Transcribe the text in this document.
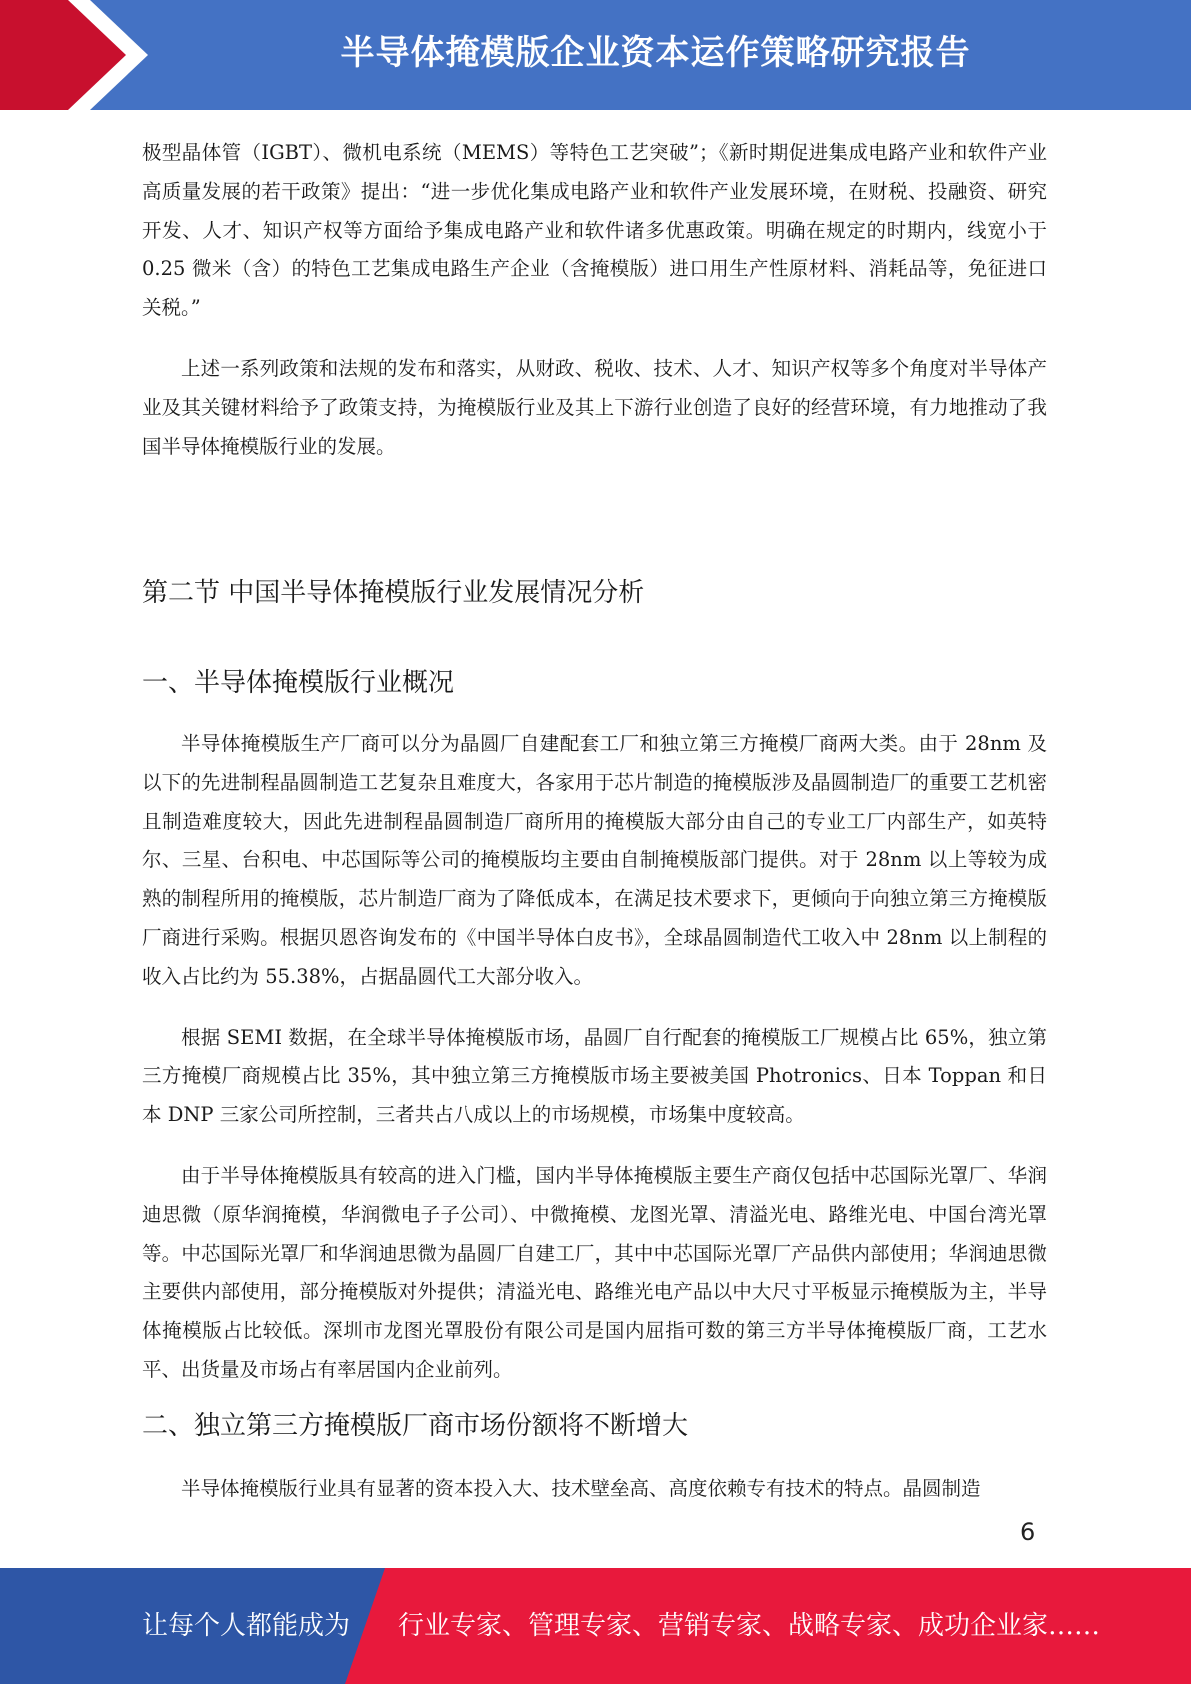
半导体掩模版企业资本运作策略研究报告

极型晶体管（IGBT）、微机电系统（MEMS）等特色工艺突破”；《新时期促进集成电路产业和软件产业高质量发展的若干政策》提出：“进一步优化集成电路产业和软件产业发展环境，在财税、投融资、研究开发、人才、知识产权等方面给予集成电路产业和软件诸多优惠政策。明确在规定的时期内，线宽小于 0.25 微米（含）的特色工艺集成电路生产企业（含掩模版）进口用生产性原材料、消耗品等，免征进口关税。”

上述一系列政策和法规的发布和落实，从财政、税收、技术、人才、知识产权等多个角度对半导体产业及其关键材料给予了政策支持，为掩模版行业及其上下游行业创造了良好的经营环境，有力地推动了我国半导体掩模版行业的发展。

第二节 中国半导体掩模版行业发展情况分析
一、半导体掩模版行业概况

半导体掩模版生产厂商可以分为晶圆厂自建配套工厂和独立第三方掩模厂商两大类。由于 28nm 及以下的先进制程晶圆制造工艺复杂且难度大，各家用于芯片制造的掩模版涉及晶圆制造厂的重要工艺机密且制造难度较大，因此先进制程晶圆制造厂商所用的掩模版大部分由自己的专业工厂内部生产，如英特尔、三星、台积电、中芯国际等公司的掩模版均主要由自制掩模版部门提供。对于 28nm 以上等较为成熟的制程所用的掩模版，芯片制造厂商为了降低成本，在满足技术要求下，更倾向于向独立第三方掩模版厂商进行采购。根据贝恩咨询发布的《中国半导体白皮书》，全球晶圆制造代工收入中 28nm 以上制程的收入占比约为 55.38%，占据晶圆代工大部分收入。

根据 SEMI 数据，在全球半导体掩模版市场，晶圆厂自行配套的掩模版工厂规模占比 65%，独立第三方掩模厂商规模占比 35%，其中独立第三方掩模版市场主要被美国 Photronics、日本 Toppan 和日本 DNP 三家公司所控制，三者共占八成以上的市场规模，市场集中度较高。

由于半导体掩模版具有较高的进入门槛，国内半导体掩模版主要生产商仅包括中芯国际光罩厂、华润迪思微（原华润掩模，华润微电子子公司）、中微掩模、龙图光罩、清溢光电、路维光电、中国台湾光罩等。中芯国际光罩厂和华润迪思微为晶圆厂自建工厂，其中中芯国际光罩厂产品供内部使用；华润迪思微主要供内部使用，部分掩模版对外提供；清溢光电、路维光电产品以中大尺寸平板显示掩模版为主，半导体掩模版占比较低。深圳市龙图光罩股份有限公司是国内屈指可数的第三方半导体掩模版厂商，工艺水平、出货量及市场占有率居国内企业前列。

二、独立第三方掩模版厂商市场份额将不断增大

半导体掩模版行业具有显著的资本投入大、技术壁垒高、高度依赖专有技术的特点。晶圆制造

6
让每个人都能成为 行业专家、管理专家、营销专家、战略专家、成功企业家……
